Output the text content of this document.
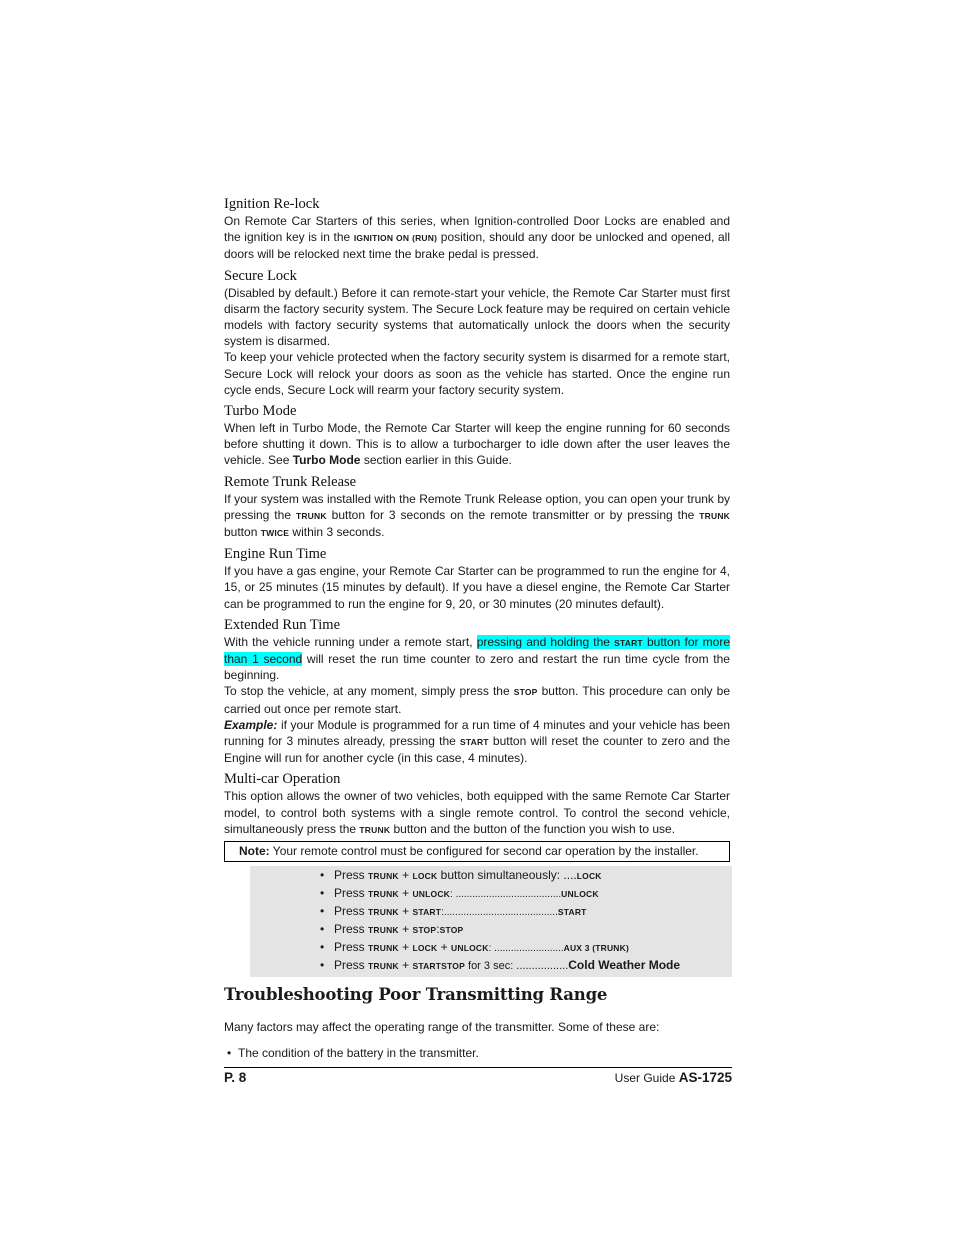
Ignition Re-lock

On Remote Car Starters of this series, when Ignition-controlled Door Locks are enabled and the ignition key is in the IGNITION ON (RUN) position, should any door be unlocked and opened, all doors will be relocked next time the brake pedal is pressed.

Secure Lock

(Disabled by default.) Before it can remote-start your vehicle, the Remote Car Starter must first disarm the factory security system. The Secure Lock feature may be required on certain vehicle models with factory security systems that automatically unlock the doors when the security system is disarmed.

To keep your vehicle protected when the factory security system is disarmed for a remote start, Secure Lock will relock your doors as soon as the vehicle has started. Once the engine run cycle ends, Secure Lock will rearm your factory security system.

Turbo Mode

When left in Turbo Mode, the Remote Car Starter will keep the engine running for 60 seconds before shutting it down. This is to allow a turbocharger to idle down after the user leaves the vehicle. See Turbo Mode section earlier in this Guide.

Remote Trunk Release

If your system was installed with the Remote Trunk Release option, you can open your trunk by pressing the TRUNK button for 3 seconds on the remote transmitter or by pressing the TRUNK button TWICE within 3 seconds.

Engine Run Time

If you have a gas engine, your Remote Car Starter can be programmed to run the engine for 4, 15, or 25 minutes (15 minutes by default). If you have a diesel engine, the Remote Car Starter can be programmed to run the engine for 9, 20, or 30 minutes (20 minutes default).

Extended Run Time

With the vehicle running under a remote start, pressing and holding the START button for more than 1 second will reset the run time counter to zero and restart the run time cycle from the beginning.

To stop the vehicle, at any moment, simply press the STOP button. This procedure can only be carried out once per remote start.

Example: if your Module is programmed for a run time of 4 minutes and your vehicle has been running for 3 minutes already, pressing the START button will reset the counter to zero and the Engine will run for another cycle (in this case, 4 minutes).

Multi-car Operation

This option allows the owner of two vehicles, both equipped with the same Remote Car Starter model, to control both systems with a single remote control. To control the second vehicle, simultaneously press the TRUNK button and the button of the function you wish to use.

Note: Your remote control must be configured for second car operation by the installer.
• Press TRUNK + LOCK button simultaneously: ....LOCK
• Press TRUNK + UNLOCK: ......................................UNLOCK
• Press TRUNK + START:.........................................START
• Press TRUNK + STOP:STOP
• Press TRUNK + LOCK + UNLOCK: .........................AUX 3 (TRUNK)
• Press TRUNK + STARTSTOP for 3 sec: .................Cold Weather Mode
Troubleshooting Poor Transmitting Range

Many factors may affect the operating range of the transmitter. Some of these are:

• The condition of the battery in the transmitter.

P. 8	User Guide AS-1725
